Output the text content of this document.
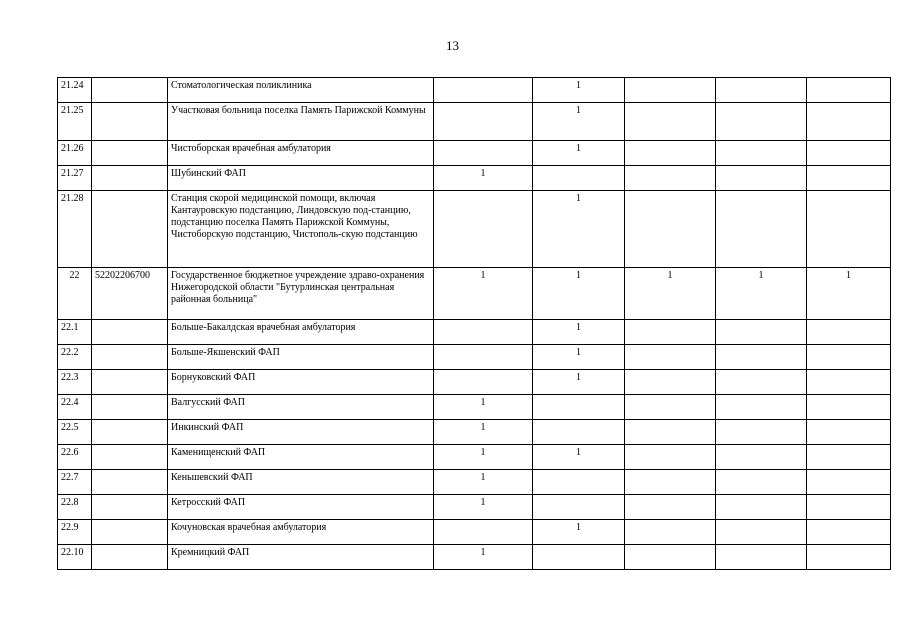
13
21.24		Стоматологическая поликлиника		1			
21.25		Участковая больница поселка Память Парижской Коммуны		1			
21.26		Чистоборская врачебная амбулатория		1			
21.27		Шубинский ФАП	1				
21.28		Станция скорой медицинской помощи, включая Кантауровскую подстанцию, Линдовскую под-станцию, подстанцию поселка Память Парижской Коммуны, Чистоборскую подстанцию, Чистополь-скую подстанцию		1			
22	52202206700	Государственное бюджетное учреждение здраво-охранения Нижегородской области "Бутурлинская центральная районная больница"	1	1	1	1	1
22.1		Больше-Бакалдская врачебная амбулатория		1			
22.2		Больше-Якшенский ФАП		1			
22.3		Борнуковский ФАП		1			
22.4		Валгусский ФАП	1				
22.5		Инкинский ФАП	1				
22.6		Каменищенский ФАП	1	1			
22.7		Кеньшевский ФАП	1				
22.8		Кетросский ФАП	1				
22.9		Кочуновская врачебная амбулатория		1			
22.10		Кремницкий ФАП	1				
